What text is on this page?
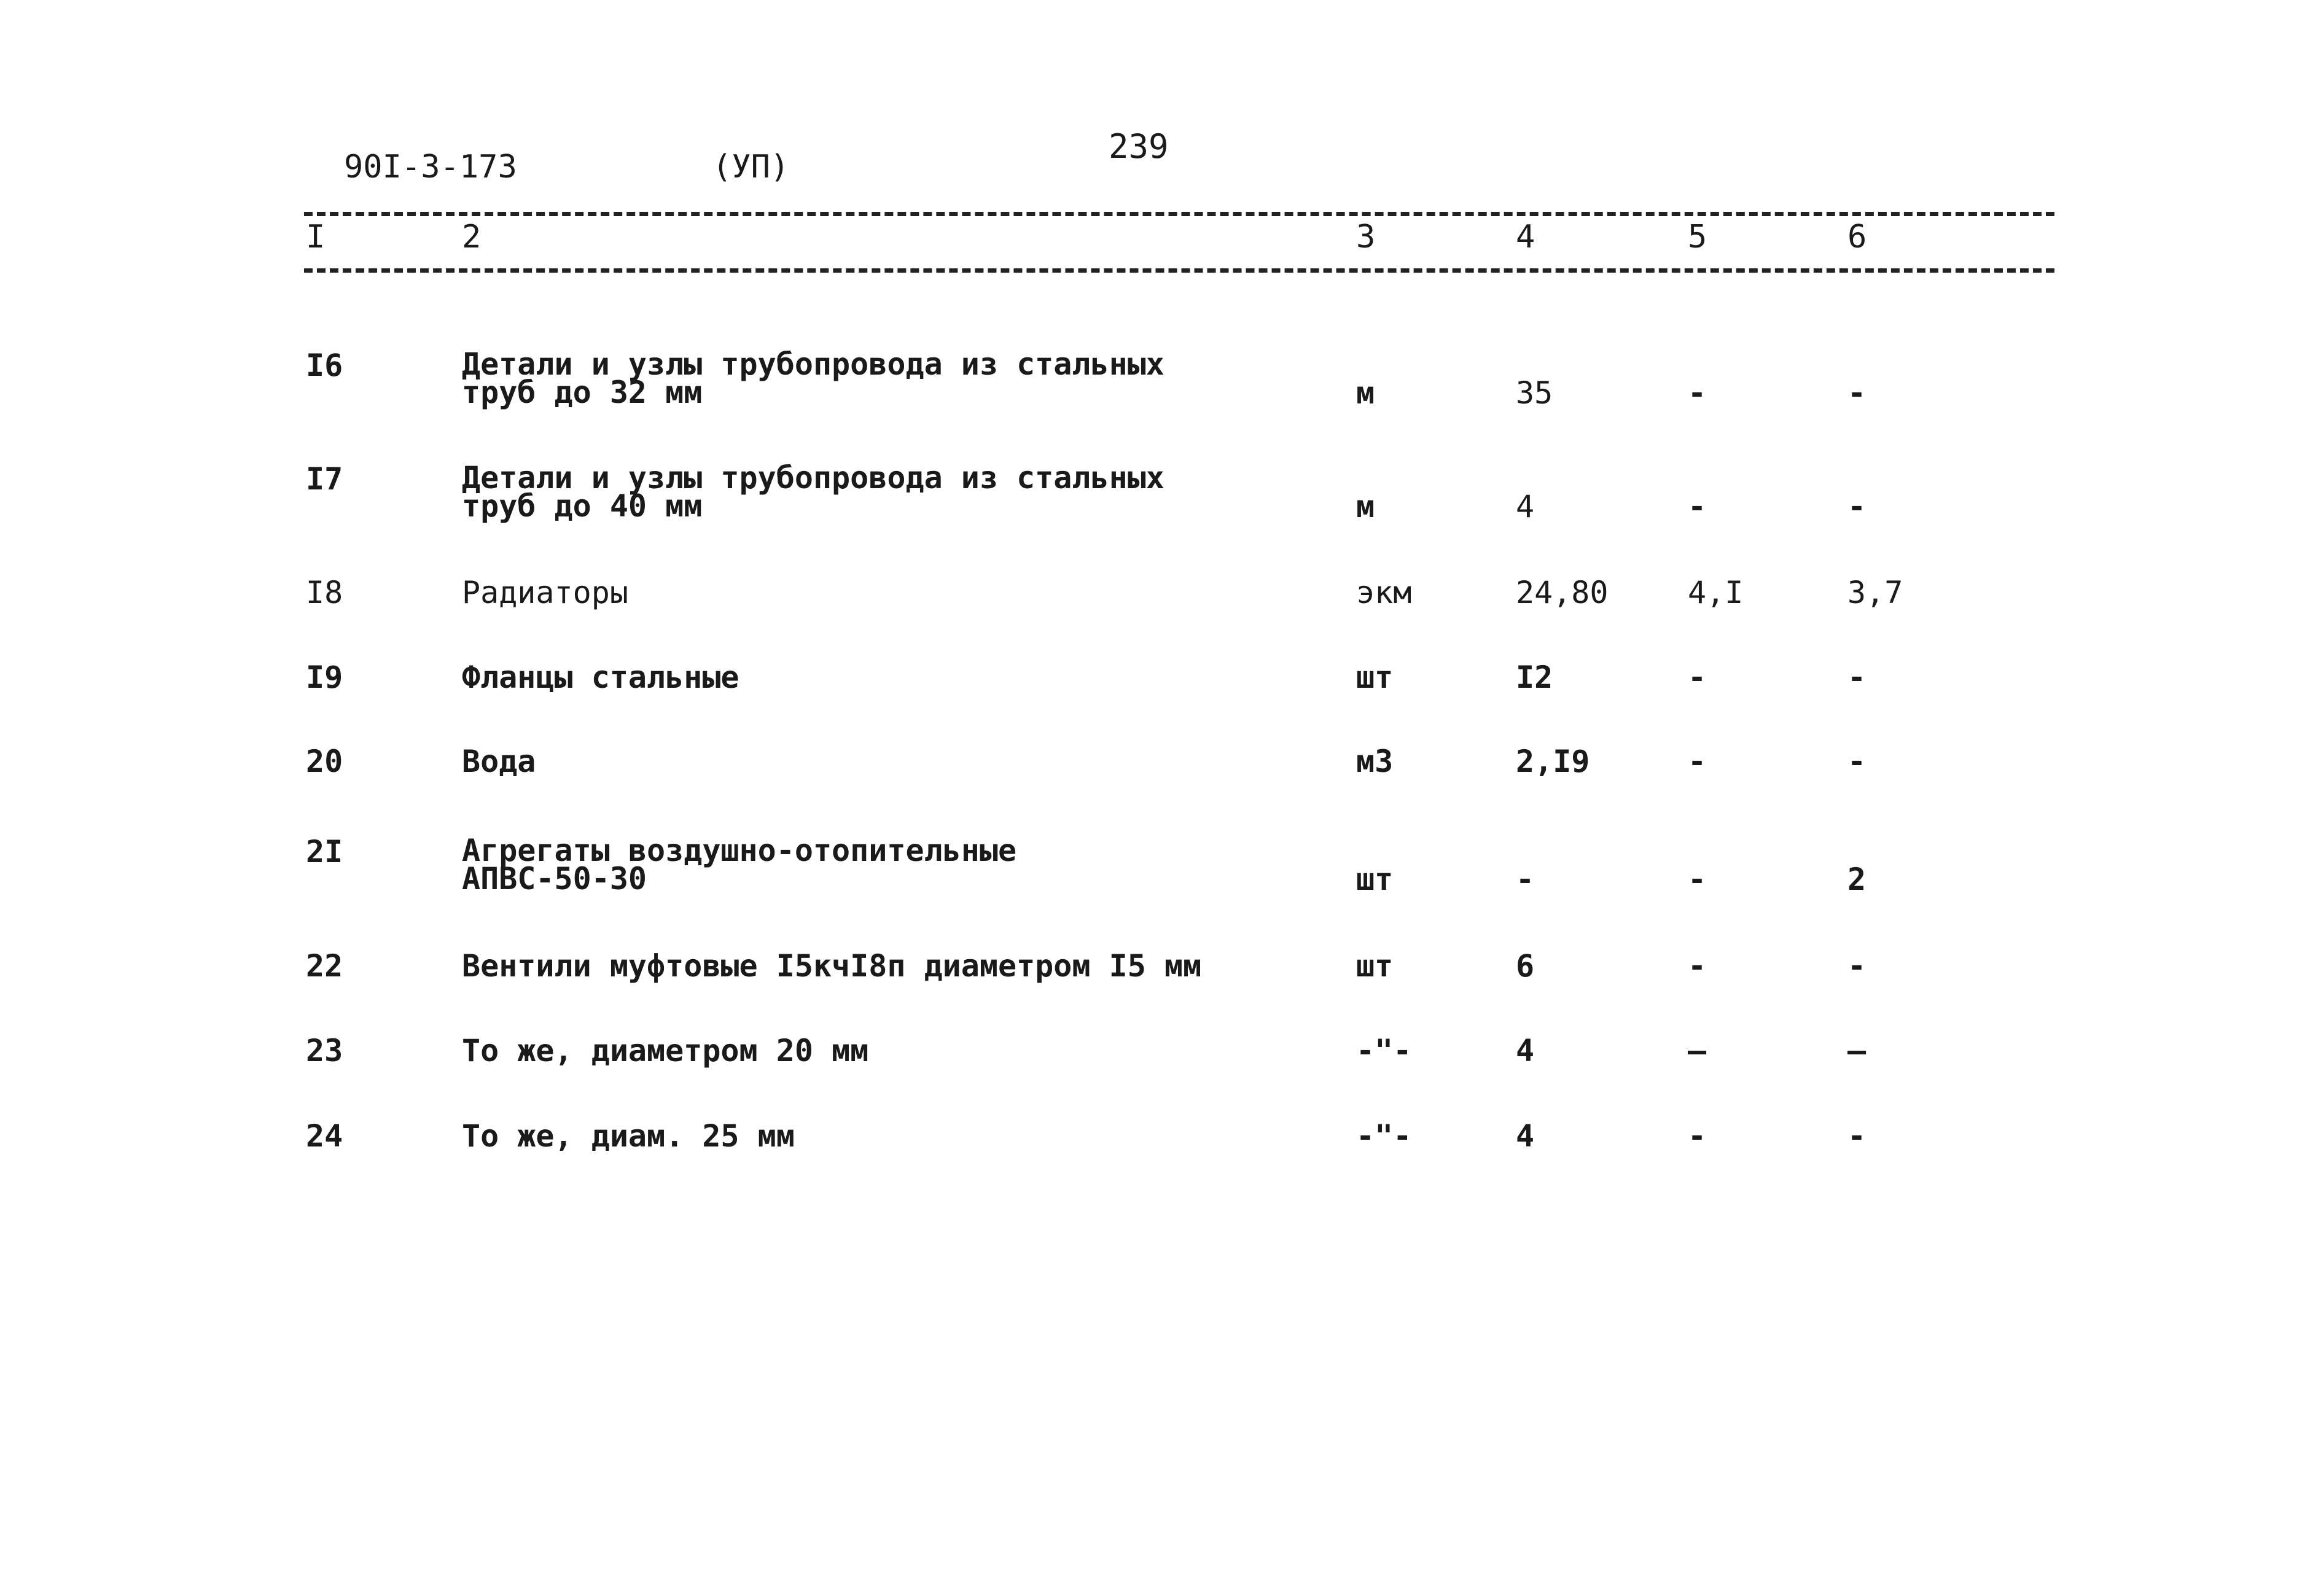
90I-3-173	(УП)
239
I	2	3	4	5	6
I6	Детали и узлы трубопровода из стальных
труб до 32 мм	м	35	-	-
I7	Детали и узлы трубопровода из стальных
труб до 40 мм	м	4	-	-
I8	Радиаторы	экм	24,80	4,I	3,7
I9	Фланцы стальные	шт	I2	-	-
20	Вода	м3	2,I9	-	-
2I	Агрегаты воздушно-отопительные
АПВС-50-30	шт	-	-	2
22	Вентили муфтовые I5кчI8п диаметром I5 мм	шт	6	-	-
23	То же, диаметром 20 мм	-"-	4	—	—
24	То же, диам. 25 мм	-"-	4	-	-
